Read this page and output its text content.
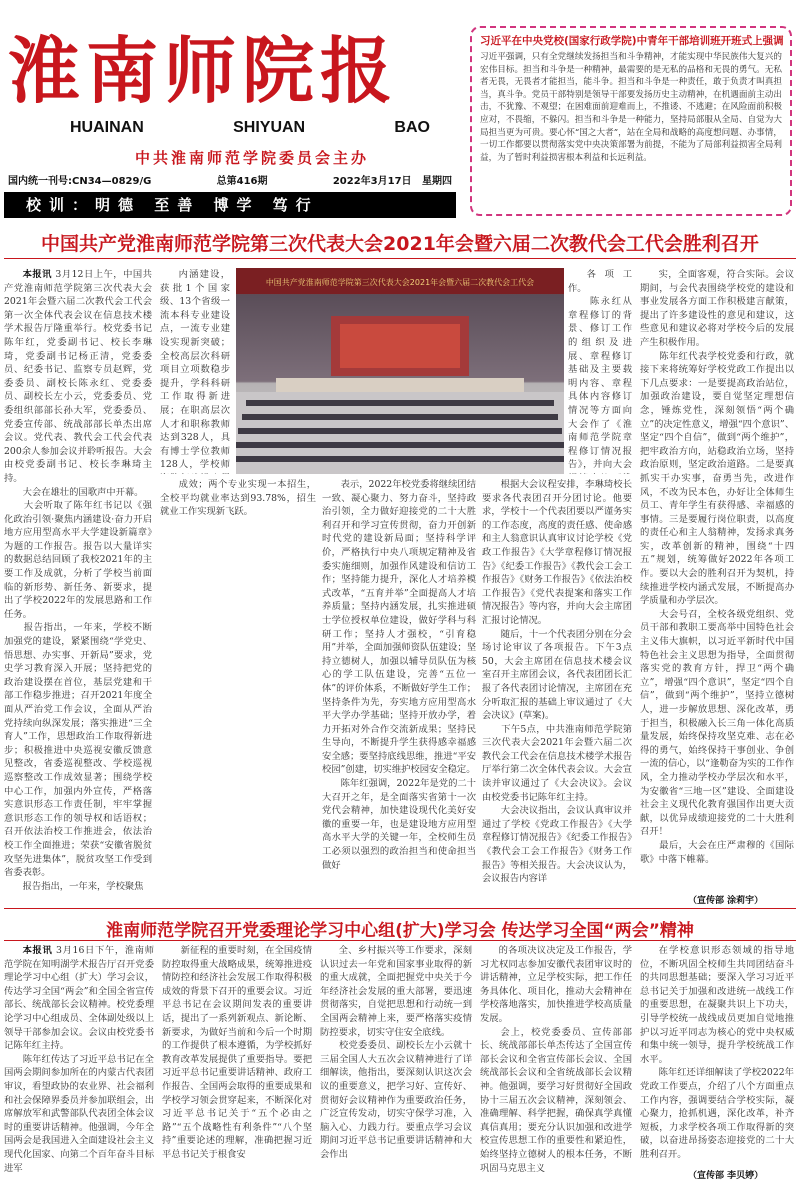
淮南师院报
HUAINAN	SHIYUAN	BAO
中共淮南师范学院委员会主办
国内统一刊号:CN34—0829/G	总第416期	2022年3月17日 星期四
校训：明德 至善 博学 笃行

习近平在中央党校(国家行政学院)中青年干部培训班开班式上强调

习近平强调，只有全党继续发扬担当和斗争精神，才能实现中华民族伟大复兴的宏伟目标。担当和斗争是一种精神，最需要的是无私的品格和无畏的勇气。无私者无畏，无畏者才能担当，能斗争。担当和斗争是一种责任，敢于负责才叫真担当，真斗争。党员干部特别是领导干部要发扬历史主动精神，在机遇面前主动出击，不犹豫、不观望；在困难面前迎难而上，不推诿、不逃避；在风险面前积极应对，不畏缩，不躲闪。担当和斗争是一种能力，坚持局部服从全局、自觉为大局担当更为可贵。要心怀“国之大者”，站在全局和战略的高度想问题、办事情，一切工作都要以贯彻落实党中央决策部署为前提，不能为了局部利益损害全局利益，为了暂时利益损害根本利益和长远利益。

中国共产党淮南师范学院第三次代表大会2021年会暨六届二次教代会工代会胜利召开
中国共产党淮南师范学院第三次代表大会2021年会暨六届二次教代会工代会

本报讯 3月12日上午，中国共产党淮南师范学院第三次代表大会2021年会暨六届二次教代会工代会第一次全体代表会议在信息技术楼学术报告厅隆重举行。校党委书记陈年红，党委副书记、校长李琳琦，党委副书记杨正清，党委委员、纪委书记、监察专员赵辉，党委委员、副校长陈永红、党委委员、副校长左小云，党委委员、党委组织部部长孙大军，党委委员、党委宣传部、统战部部长单杰出席会议。党代表、教代会工代会代表200余人参加会议并聆听报告。大会由校党委副书记、校长李琳琦主持。
　　大会在雄壮的国歌声中开幕。
　　大会听取了陈年红书记以《强化政治引领·聚焦内涵建设·奋力开启地方应用型高水平大学建设新篇章》为题的工作报告。报告以大量详实的数据总结回顾了我校2021年的主要工作及成就，分析了学校当前面临的新形势、新任务、新要求，提出了学校2022年的发展思路和工作任务。
　　报告指出，一年来，学校不断加强党的建设，紧紧围绕“学党史、悟思想、办实事、开新局”要求，党史学习教育深入开展；坚持把党的政治建设摆在首位，基层党建和干部工作稳步推进；召开2021年度全面从严治党工作会议，全面从严治党持续向纵深发展；落实推进“三全育人”工作，思想政治工作取得新进步；积极推进中央巡视安徽反馈意见整改，省委巡视整改、学校巡视巡察整改工作成效显著；围绕学校中心工作，加强内外宣传，严格落实意识形态工作责任制，牢牢掌握意识形态工作的领导权和话语权；召开依法治校工作推进会，依法治校工作全面推进；荣获“安徽省脱贫攻坚先进集体”，脱贫攻坚工作受到省委表彰。
　　报告指出，一年来，学校聚焦

内涵建设，获批1个国家级、13个省级一流本科专业建设点，一流专业建设实现新突破；全校高层次科研项目立项数稳步提升，学科科研工作取得新进展；在职高层次人才和职称教师达到328人，具有博士学位教师128人，学校师

表示，2022年校党委将继续团结一致、凝心聚力、努力奋斗，坚持政治引领，全力做好迎接党的二十大胜利召开和学习宣传贯彻，奋力开创新时代党的建设新局面；坚持科学评价，严格执行中央八项规定精神及省委实施细则，加强作风建设和信访工作；坚持能力提升，深化人才培养模式改革，“五育并举”全面提高人才培养质量；坚持内涵发展，扎实推进硕士学位授权单位建设，做好学科与科研工作；坚持人才强校，“引育稳用”并举，全面加强师资队伍建设；坚持立德树人，加强以辅导员队伍为核心的学工队伍建设，完善“五位一体”的评价体系，不断做好学生工作；坚持条件为先，夯实地方应用型高水平大学办学基础；坚持开放办学，着力开拓对外合作交流新成果；坚持民生导向，不断提升学生获得感幸福感安全感；要坚持底线思维，推进“平安校园”创建，切实维护校园安全稳定。
　　陈年红强调，2022年是党的二十大召开之年，是全面落实省第十一次党代会精神，加快建设现代化美好安徽的重要一年，也是建设地方应用型高水平大学的关键一年，全校师生员工必须以强烈的政治担当和使命担当做好

各项工作。
　　陈永红从章程修订的背景、修订工作的组织及进展、章程修订基础及主要载明内容、章程具体内容修订情况等方面向大会作了《淮南师范学院章程修订情况报告》，并向大会

根据大会议程安排，李琳琦校长要求各代表团召开分团讨论。他要求，学校十一个代表团要以严谨务实的工作态度，高度的责任感、使命感和主人翁意识认真审议讨论学校《党政工作报告》《大学章程修订情况报告》《纪委工作报告》《教代会工会工作报告》《财务工作报告》《依法治校工作报告》《党代表提案和落实工作情况报告》等内容，并向大会主席团汇报讨论情况。
　　随后，十一个代表团分别在分会场讨论审议了各项报告。下午3点50，大会主席团在信息技术楼会议室召开主席团会议，各代表团团长汇报了各代表团讨论情况，主席团在充分听取汇报的基础上审议通过了《大会决议》(草案)。
　　下午5点，中共淮南师范学院第三次代表大会2021年会暨六届二次教代会工代会在信息技术楼学术报告厅举行第二次全体代表会议。大会宣读并审议通过了《大会决议》。会议由校党委书记陈年红主持。
　　大会决议指出，会议认真审议并通过了学校《党政工作报告》《大学章程修订情况报告》《纪委工作报告》《教代会工会工作报告》《财务工作报告》等相关报告。大会决议认为，会议报告内容详

实，全面客观，符合实际。会议期间，与会代表围绕学校党的建设和事业发展各方面工作积极建言献策，提出了许多建设性的意见和建议，这些意见和建议必将对学校今后的发展产生积极作用。
　　陈年红代表学校党委和行政，就接下来将统筹好学校党政工作提出以下几点要求：一是要提高政治站位，加强政治建设，要自觉坚定理想信念，锤炼党性，深刻领悟“两个确立”的决定性意义，增强“四个意识”、坚定“四个自信”，做到“两个维护”，把牢政治方向，站稳政治立场，坚持政治原则，坚定政治道路。二是要真抓实干办实事，奋勇当先，改进作风，不改为民本色，办好让全体师生员工、青年学生有获得感、幸福感的事情。三是要履行岗位职责，以高度的责任心和主人翁精神，发扬求真务实，改革创新的精神，围绕“十四五”规划，统筹做好2022年各项工作。要以大会的胜利召开为契机，持续推进学校内涵式发展，不断提高办学质量和办学层次。
　　大会号召，全校各级党组织、党员干部和教职工要高举中国特色社会主义伟大旗帜，以习近平新时代中国特色社会主义思想为指导，全面贯彻落实党的教育方针，捍卫“两个确立”，增强“四个意识”，坚定“四个自信”，做到“两个维护”，坚持立德树人，进一步解放思想、深化改革，勇于担当，积极融入长三角一体化高质量发展，始终保持攻坚克难、志在必得的勇气，始终保持干事创业、争创一流的信心，以“逢勒奋为实的工作作风，全力推动学校办学层次和水平，为安徽省“三地一区”建设、全面建设社会主义现代化教育强国作出更大贡献，以优异成绩迎接党的二十大胜利召开！
　　最后，大会在庄严肃穆的《国际歌》中落下帷幕。

成效；两个专业实现一本招生，全校平均就业率达到93.78%，招生就业工作实现新飞跃。

（宣传部 涂莉宇）
淮南师范学院召开党委理论学习中心组(扩大)学习会 传达学习全国“两会”精神

本报讯 3月16日下午，淮南师范学院在知明湖学术报告厅召开党委理论学习中心组（扩大）学习会议，传达学习全国“两会”和全国全省宣传部长、统战部长会议精神。校党委理论学习中心组成员、全体副处级以上领导干部参加会议。会议由校党委书记陈年红主持。
　　陈年红传达了习近平总书记在全国两会期间参加所在的内蒙古代表团审议，看望政协的农业界、社会福利和社会保障界委员并参加联组会，出席解放军和武警部队代表团全体会议时的重要讲话精神。他强调，今年全国两会是我国进入全面建设社会主义现代化国家、向第二个百年奋斗目标进军

新征程的重要时刻，在全国疫情防控取得重大战略成果，统筹推进疫情防控和经济社会发展工作取得积极成效的背景下召开的重要会议。习近平总书记在会议期间发表的重要讲话，提出了一系列新观点、新论断、新要求，为做好当前和今后一个时期的工作提供了根本遵循，为学校抓好教育改革发展提供了重要指导。要把习近平总书记重要讲话精神、政府工作报告、全国两会取得的重要成果和学校学习领会贯穿起来，不断深化对习近平总书记关于“五个必由之路”“五个战略性有利条件”“八个坚持”重要论述的理解，准确把握习近平总书记关于根食安

全、乡村振兴等工作要求，深刻认识过去一年党和国家事业取得的新的重大成就，全面把握党中央关于今年经济社会发展的重大部署，要迅速贯彻落实，自觉把思想和行动统一到全国两会精神上来，要严格落实疫情防控要求，切实守住安全底线。
　　校党委委员、副校长左小云就十三届全国人大五次会议精神进行了详细解读，他指出，要深刻认识这次会议的重要意义，把学习好、宣传好、贯彻好会议精神作为重要政治任务，广泛宣传发动，切实守保学习准，入脑入心、力践力行。要重点学习会议期间习近平总书记重要讲话精神和大会作出

的各项决议决定及工作报告，学习尤权同志参加安徽代表团审议时的讲话精神，立足学校实际，把工作任务具体化、项目化，推动大会精神在学校落地落实，加快推进学校高质量发展。
　　会上，校党委委员、宣传部部长、统战部部长单杰传达了全国宣传部长会议和全省宣传部长会议、全国统战部长会议和全省统战部长会议精神。他强调，要学习好贯彻好全国政协十三届五次会议精神，深刻领会、准确理解、科学把握，确保真学真懂真信真用；要充分认识加强和改进学校宣传思想工作的重要性和紧迫性，始终坚持立德树人的根本任务，不断巩固马克思主义

在学校意识形态领域的指导地位，不断巩固全校师生共同团结奋斗的共同思想基础；要深入学习习近平总书记关于加强和改进统一战线工作的重要思想，在凝聚共识上下功夫，引导学校统一战线成员更加自觉地推护以习近平同志为核心的党中央权威和集中统一领导，提升学校统战工作水平。
　　陈年红还详细解读了学校2022年党政工作要点，介绍了八个方面重点工作内容，强调要结合学校实际，凝心聚力，抢抓机遇，深化改革，补齐短板，力求学校各项工作取得新的突破，以奋进昂扬姿态迎接党的二十大胜利召开。

（宣传部 李贝婷）
